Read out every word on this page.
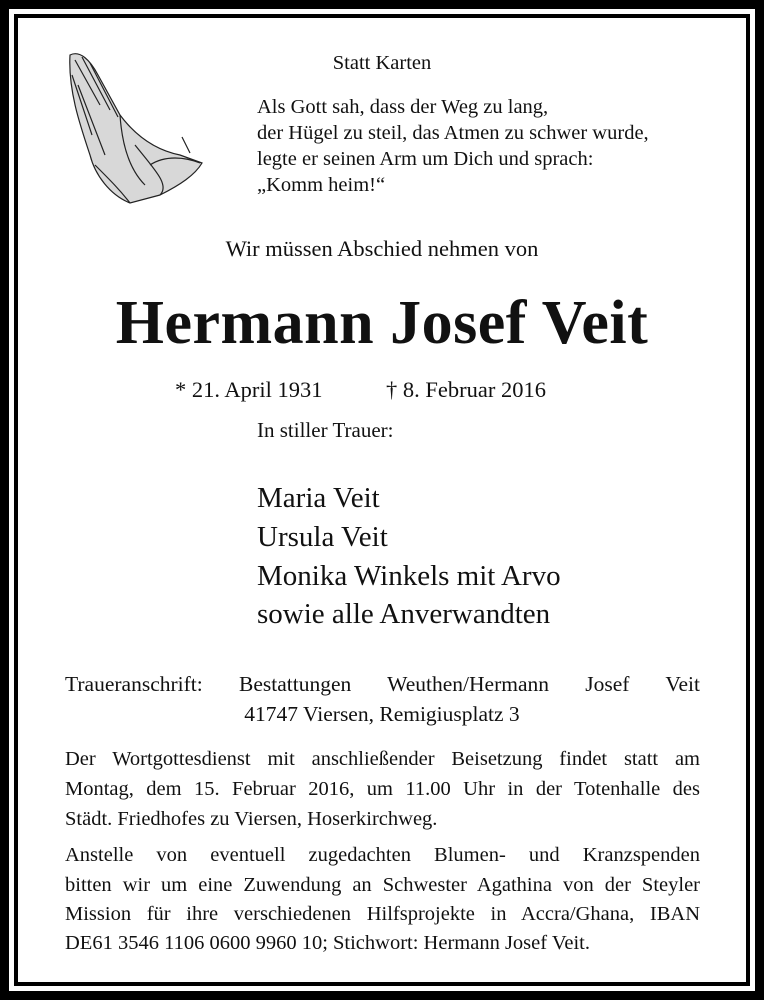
Statt Karten
Als Gott sah, dass der Weg zu lang,
der Hügel zu steil, das Atmen zu schwer wurde,
legte er seinen Arm um Dich und sprach:
„Komm heim!“
Wir müssen Abschied nehmen von
Hermann Josef Veit
* 21. April 1931	† 8. Februar 2016
In stiller Trauer:
Maria Veit
Ursula Veit
Monika Winkels mit Arvo
sowie alle Anverwandten
Traueranschrift: Bestattungen Weuthen/Hermann Josef Veit
41747 Viersen, Remigiusplatz 3
Der Wortgottesdienst mit anschließender Beisetzung findet statt am
Montag, dem 15. Februar 2016, um 11.00 Uhr in der Totenhalle des
Städt. Friedhofes zu Viersen, Hoserkirchweg.
Anstelle von eventuell zugedachten Blumen- und Kranzspenden
bitten wir um eine Zuwendung an Schwester Agathina von der Steyler
Mission für ihre verschiedenen Hilfsprojekte in Accra/Ghana, IBAN
DE61 3546 1106 0600 9960 10; Stichwort: Hermann Josef Veit.
